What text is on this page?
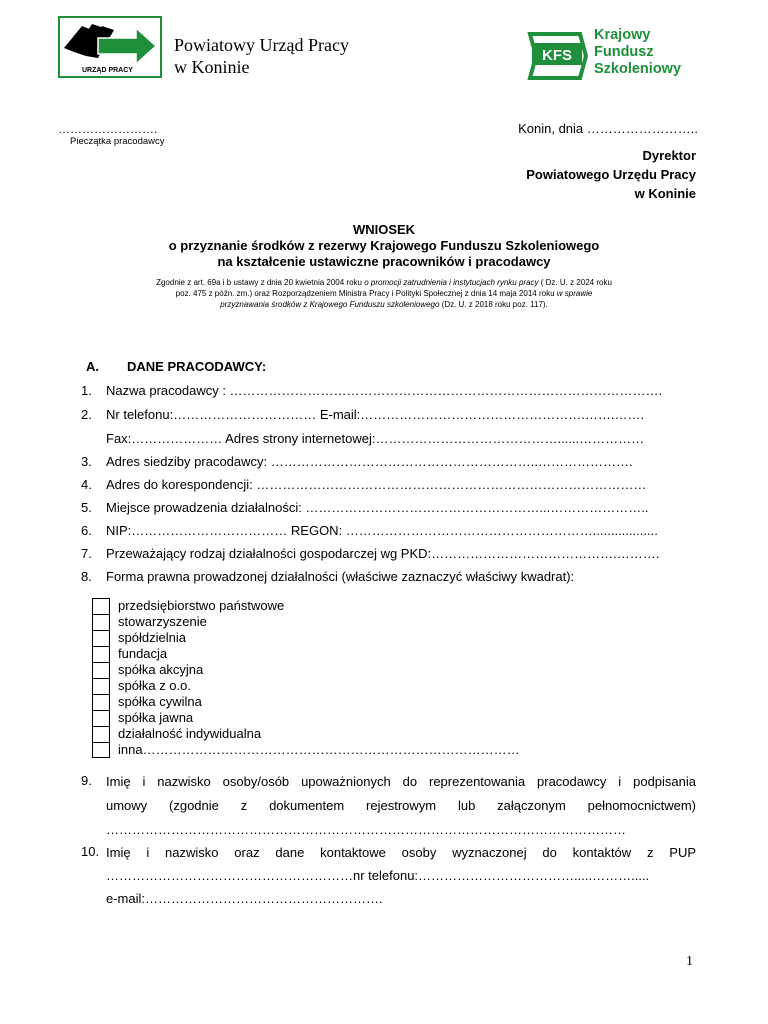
URZĄD PRACY
Powiatowy Urząd Pracy
w Koninie
KFS
Krajowy
Fundusz
Szkoleniowy
…………………….
Pieczątka pracodawcy
Konin, dnia ……………………..
Dyrektor
Powiatowego Urzędu Pracy
w Koninie
WNIOSEK
o przyznanie środków z rezerwy Krajowego Funduszu Szkoleniowego
na kształcenie ustawiczne pracowników i pracodawcy
Zgodnie z art. 69a i b ustawy z dnia 20 kwietnia 2004 roku o promocji zatrudnienia i instytucjach rynku pracy ( Dz. U. z 2024 roku
poz. 475 z późn. zm.) oraz Rozporządzeniem Ministra Pracy i Polityki Społecznej z dnia 14 maja 2014 roku w sprawie
przyznawania środków z Krajowego Funduszu szkoleniowego (Dz. U. z 2018 roku poz. 117).
A. DANE PRACODAWCY:
1. Nazwa pracodawcy : ……………………………………………………………………………………….
2. Nr telefonu:…………………………… E-mail:…………………………………………….…….…….
Fax:………………… Adres strony internetowej:……………………………………......……………
3. Adres siedziby pracodawcy: ……………………………………………………..………………….
4. Adres do korespondencji: ………………………………………………………………………………
5. Miejsce prowadzenia działalności: ………………………………………………...…………………..
6. NIP:……………………………… REGON: …………………………………………………..................
7. Przeważający rodzaj działalności gospodarczej wg PKD:…………………………………….……….
8. Forma prawna prowadzonej działalności (właściwe zaznaczyć właściwy kwadrat):
przedsiębiorstwo państwowe
stowarzyszenie
spółdzielnia
fundacja
spółka akcyjna
spółka z o.o.
spółka cywilna
spółka jawna
działalność indywidualna
inna……………………………………………………………………………
9. Imię i nazwisko osoby/osób upoważnionych do reprezentowania pracodawcy i podpisania
umowy (zgodnie z dokumentem rejestrowym lub załączonym pełnomocnictwem)
…………………………………………………………………………………………………………
10. Imię i nazwisko oraz dane kontaktowe osoby wyznaczonej do kontaktów z PUP
…………………………………………………nr telefonu:……………………………….....……….....
e-mail:……………………………………………….
1
